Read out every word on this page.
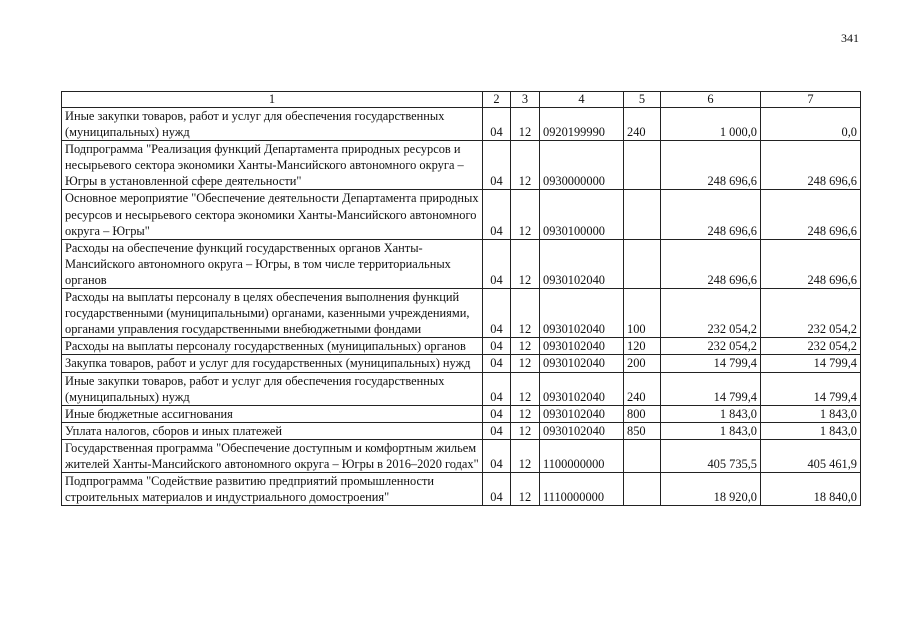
341
1	2	3	4	5	6	7
Иные закупки товаров, работ и услуг для обеспечения государственных (муниципальных) нужд	04	12	0920199990	240	1 000,0	0,0
Подпрограмма "Реализация функций Департамента природных ресурсов и несырьевого сектора экономики Ханты-Мансийского автономного округа – Югры в установленной сфере деятельности"	04	12	0930000000		248 696,6	248 696,6
Основное мероприятие "Обеспечение деятельности Департамента природных ресурсов и несырьевого сектора экономики Ханты-Мансийского автономного округа – Югры"	04	12	0930100000		248 696,6	248 696,6
Расходы на обеспечение функций государственных органов Ханты-Мансийского автономного округа – Югры, в том числе территориальных органов	04	12	0930102040		248 696,6	248 696,6
Расходы на выплаты персоналу в целях обеспечения выполнения функций государственными (муниципальными) органами, казенными учреждениями, органами управления государственными внебюджетными фондами	04	12	0930102040	100	232 054,2	232 054,2
Расходы на выплаты персоналу государственных (муниципальных) органов	04	12	0930102040	120	232 054,2	232 054,2
Закупка товаров, работ и услуг для государственных (муниципальных) нужд	04	12	0930102040	200	14 799,4	14 799,4
Иные закупки товаров, работ и услуг для обеспечения государственных (муниципальных) нужд	04	12	0930102040	240	14 799,4	14 799,4
Иные бюджетные ассигнования	04	12	0930102040	800	1 843,0	1 843,0
Уплата налогов, сборов и иных платежей	04	12	0930102040	850	1 843,0	1 843,0
Государственная программа "Обеспечение доступным и комфортным жильем жителей Ханты-Мансийского автономного округа – Югры в 2016–2020 годах"	04	12	1100000000		405 735,5	405 461,9
Подпрограмма "Содействие развитию предприятий промышленности строительных материалов и индустриального домостроения"	04	12	1110000000		18 920,0	18 840,0
